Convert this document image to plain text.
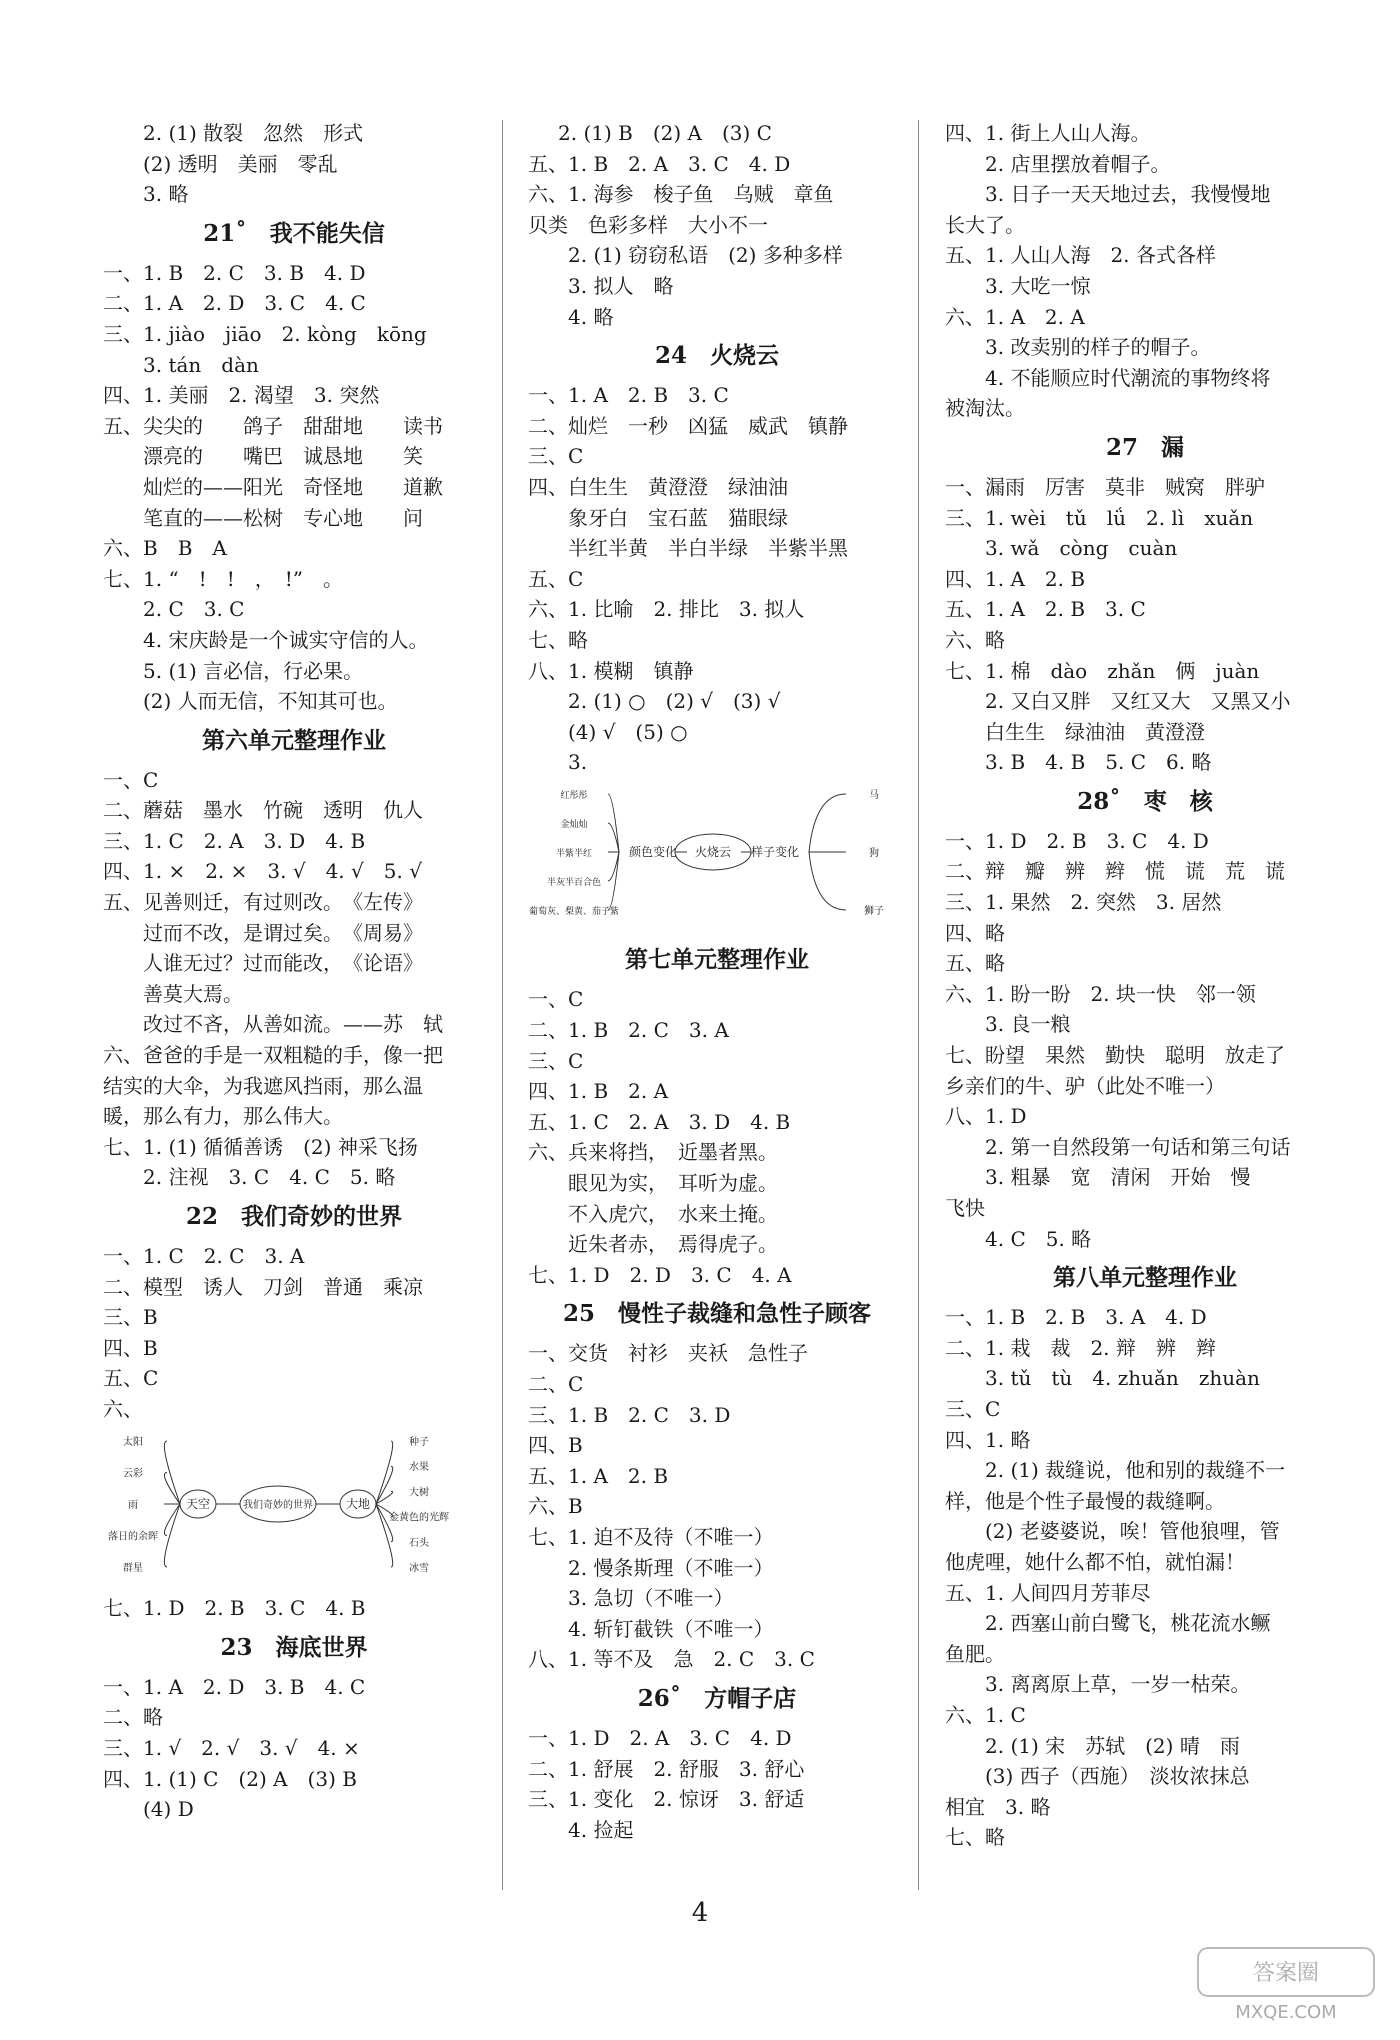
2. (1) 散裂　忽然　形式
(2) 透明　美丽　零乱
3. 略
21˚　我不能失信
一、1. B　2. C　3. B　4. D
二、1. A　2. D　3. C　4. C
三、1. jiào　jiāo　2. kòng　kōng
3. tán　dàn
四、1. 美丽　2. 渴望　3. 突然
五、尖尖的　　鸽子　甜甜地　　读书
　　漂亮的　　嘴巴　诚恳地　　笑
　　灿烂的——阳光　奇怪地　　道歉
　　笔直的——松树　专心地　　问
六、B　B　A
七、1. “　!　!　，　!”　。
2. C　3. C
4. 宋庆龄是一个诚实守信的人。
5. (1) 言必信，行必果。
(2) 人而无信，不知其可也。
第六单元整理作业
一、C
二、蘑菇　墨水　竹碗　透明　仇人
三、1. C　2. A　3. D　4. B
四、1. ×　2. ×　3. √　4. √　5. √
五、见善则迁，有过则改。　《左传》
　　过而不改，是谓过矣。　《周易》
　　人谁无过？过而能改，　《论语》
　　善莫大焉。
　　改过不吝，从善如流。——苏　轼
六、爸爸的手是一双粗糙的手，像一把
结实的大伞，为我遮风挡雨，那么温
暖，那么有力，那么伟大。
七、1. (1) 循循善诱　(2) 神采飞扬
2. 注视　3. C　4. C　5. 略
22　我们奇妙的世界
一、1. C　2. C　3. A
二、模型　诱人　刀剑　普通　乘凉
三、B
四、B
五、C
六、
我们奇妙的世界
天空	大地
太阳
云彩
雨
落日的余晖
群星
种子
水果
大树
金黄色的光辉
石头
冰雪
七、1. D　2. B　3. C　4. B
23　海底世界
一、1. A　2. D　3. B　4. C
二、略
三、1. √　2. √　3. √　4. ×
四、1. (1) C　(2) A　(3) B
(4) D
2. (1) B　(2) A　(3) C
五、1. B　2. A　3. C　4. D
六、1. 海参　梭子鱼　乌贼　章鱼
贝类　色彩多样　大小不一
2. (1) 窃窃私语　(2) 多种多样
3. 拟人　略
4. 略
24　火烧云
一、1. A　2. B　3. C
二、灿烂　一秒　凶猛　威武　镇静
三、C
四、白生生　黄澄澄　绿油油
　　象牙白　宝石蓝　猫眼绿
　　半红半黄　半白半绿　半紫半黑
五、C
六、1. 比喻　2. 排比　3. 拟人
七、略
八、1. 模糊　镇静
2. (1) ○　(2) √　(3) √
(4) √　(5) ○
3.
火烧云
颜色变化	样子变化
红彤彤
金灿灿
半紫半红
半灰半百合色
葡萄灰、梨黄、茄子紫
马
狗
狮子
第七单元整理作业
一、C
二、1. B　2. C　3. A
三、C
四、1. B　2. A
五、1. C　2. A　3. D　4. B
六、兵来将挡，　近墨者黑。
　　眼见为实，　耳听为虚。
　　不入虎穴，　水来土掩。
　　近朱者赤，　焉得虎子。
七、1. D　2. D　3. C　4. A
25　慢性子裁缝和急性子顾客
一、交货　衬衫　夹袄　急性子
二、C
三、1. B　2. C　3. D
四、B
五、1. A　2. B
六、B
七、1. 迫不及待（不唯一）
2. 慢条斯理（不唯一）
3. 急切（不唯一）
4. 斩钉截铁（不唯一）
八、1. 等不及　急　2. C　3. C
26˚　方帽子店
一、1. D　2. A　3. C　4. D
二、1. 舒展　2. 舒服　3. 舒心
三、1. 变化　2. 惊讶　3. 舒适
4. 捡起
四、1. 街上人山人海。
2. 店里摆放着帽子。
3. 日子一天天地过去，我慢慢地
长大了。
五、1. 人山人海　2. 各式各样
3. 大吃一惊
六、1. A　2. A
3. 改卖别的样子的帽子。
4. 不能顺应时代潮流的事物终将
被淘汰。
27　漏
一、漏雨　厉害　莫非　贼窝　胖驴
三、1. wèi　tǔ　lǘ　2. lì　xuǎn
3. wǎ　còng　cuàn
四、1. A　2. B
五、1. A　2. B　3. C
六、略
七、1. 棉　dào　zhǎn　俩　juàn
2. 又白又胖　又红又大　又黑又小
白生生　绿油油　黄澄澄
3. B　4. B　5. C　6. 略
28˚　枣　核
一、1. D　2. B　3. C　4. D
二、辩　瓣　辨　辫　慌　谎　荒　谎
三、1. 果然　2. 突然　3. 居然
四、略
五、略
六、1. 盼一盼　2. 块一快　邻一领
3. 良一粮
七、盼望　果然　勤快　聪明　放走了
乡亲们的牛、驴（此处不唯一）
八、1. D
2. 第一自然段第一句话和第三句话
3. 粗暴　宽　清闲　开始　慢
飞快
4. C　5. 略
第八单元整理作业
一、1. B　2. B　3. A　4. D
二、1. 栽　裁　2. 辩　辨　辫
3. tǔ　tù　4. zhuǎn　zhuàn
三、C
四、1. 略
2. (1) 裁缝说，他和别的裁缝不一
样，他是个性子最慢的裁缝啊。
(2) 老婆婆说，唉！管他狼哩，管
他虎哩，她什么都不怕，就怕漏！
五、1. 人间四月芳菲尽
2. 西塞山前白鹭飞，桃花流水鳜
鱼肥。
3. 离离原上草，一岁一枯荣。
六、1. C
2. (1) 宋　苏轼　(2) 晴　雨
(3) 西子（西施）　淡妆浓抹总
相宜　3. 略
七、略
4
答案圈
MXQE.COM
